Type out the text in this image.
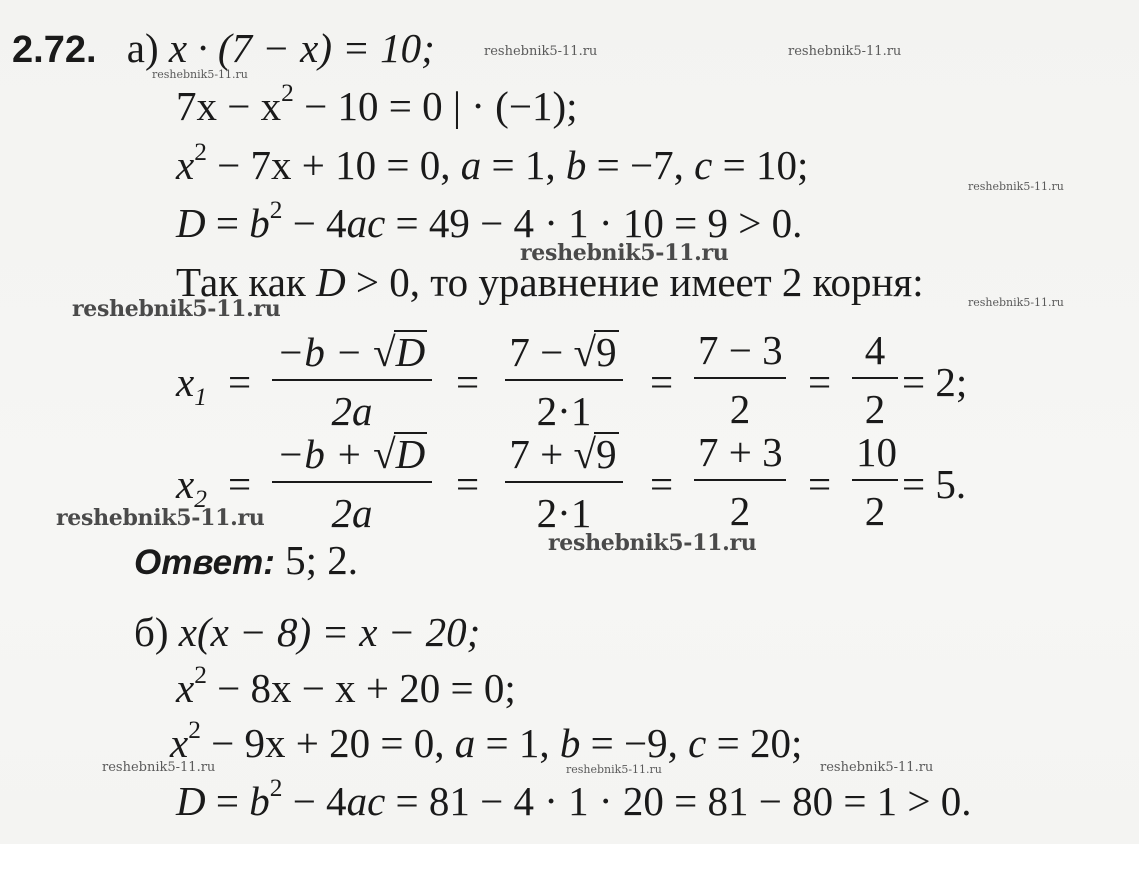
2.72. а) x · (7 − x) = 10;
$7x - x^2 - 10 = 0$ | · (−1);
$x^2 - 7x + 10 = 0$, a = 1, b = −7, c = 10;
$D = b^2 - 4ac = 49 - 4 \cdot 1 \cdot 10 = 9 > 0$.
Так как D > 0, то уравнение имеет 2 корня:
$x_1 = \frac{-b - √D}{2a} = \frac{7 - √9}{2\cdot 1} = \frac{7 - 3}{2} = \frac{4}{2} = 2$;
$x_2 = \frac{-b + √D}{2a} = \frac{7 + √9}{2\cdot 1} = \frac{7 + 3}{2} = \frac{10}{2} = 5$.
Ответ: 5; 2.
б) x(x − 8) = x − 20;
$x^2 - 8x - x + 20 = 0$;
$x^2 - 9x + 20 = 0$, a = 1, b = −9, c = 20;
$D = b^2 - 4ac = 81 - 4 \cdot 1 \cdot 20 = 81 - 80 = 1 > 0$.
reshebnik5-11.ru	reshebnik5-11.ru
reshebnik5-11.ru
reshebnik5-11.ru
reshebnik5-11.ru
reshebnik5-11.ru	reshebnik5-11.ru
reshebnik5-11.ru
reshebnik5-11.ru
reshebnik5-11.ru	reshebnik5-11.ru	reshebnik5-11.ru
